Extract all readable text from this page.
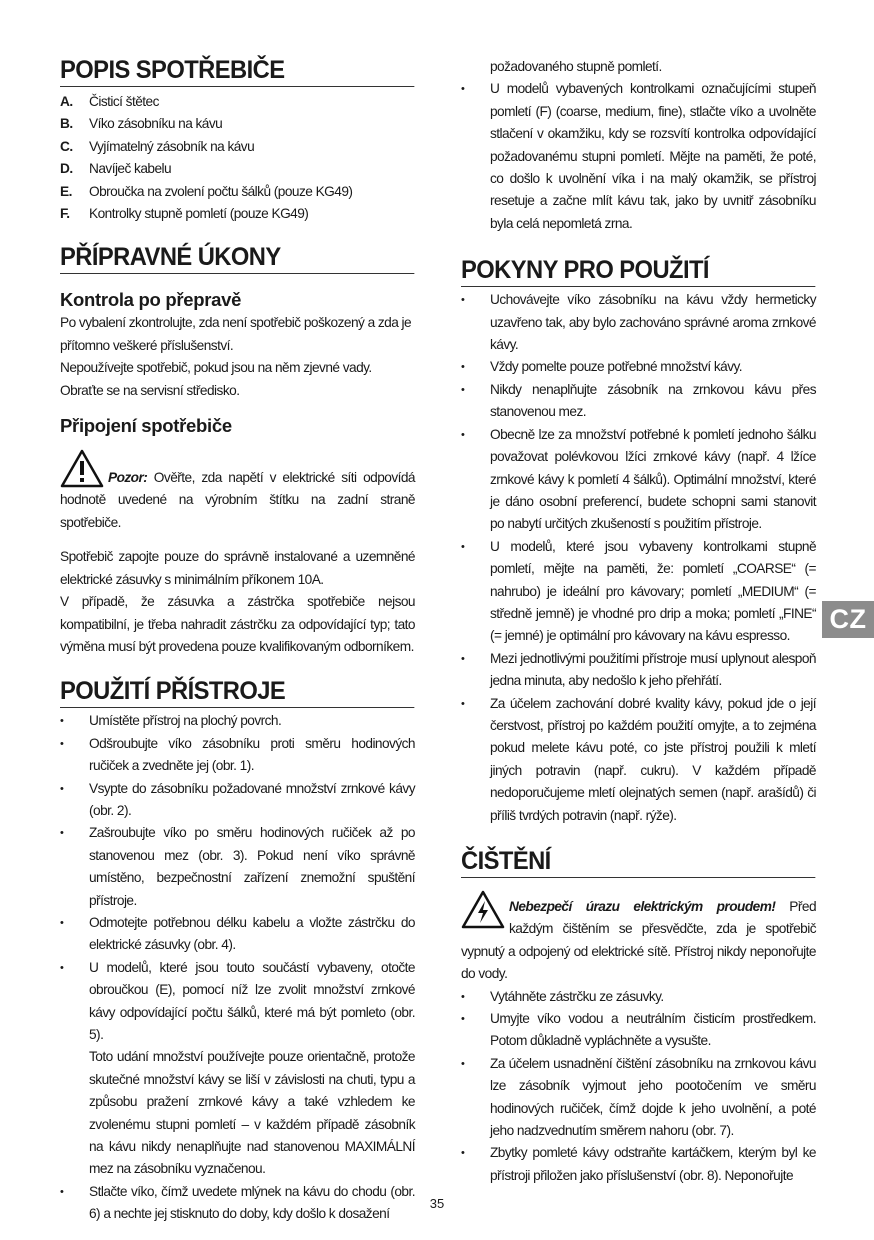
POPIS SPOTŘEBIČE
A.	Čisticí štětec
B.	Víko zásobníku na kávu
C.	Vyjímatelný zásobník na kávu
D.	Navíječ kabelu
E.	Obroučka na zvolení počtu šálků (pouze KG49)
F.	Kontrolky stupně pomletí (pouze KG49)
PŘÍPRAVNÉ ÚKONY
Kontrola po přepravě

Po vybalení zkontrolujte, zda není spotřebič poškozený a zda je přítomno veškeré příslušenství.

Nepoužívejte spotřebič, pokud jsou na něm zjevné vady. Obraťte se na servisní středisko.

Připojení spotřebiče

Pozor: Ověřte, zda napětí v elektrické síti odpovídá hodnotě uvedené na výrobním štítku na zadní straně spotřebiče.

Spotřebič zapojte pouze do správně instalované a uzemněné elektrické zásuvky s minimálním příkonem 10A.

V případě, že zásuvka a zástrčka spotřebiče nejsou kompatibilní, je třeba nahradit zástrčku za odpovídající typ; tato výměna musí být provedena pouze kvalifikovaným odborníkem.

POUŽITÍ PŘÍSTROJE
• Umístěte přístroj na plochý povrch.
• Odšroubujte víko zásobníku proti směru hodinových ručiček a zvedněte jej (obr. 1).
• Vsypte do zásobníku požadované množství zrnkové kávy (obr. 2).
• Zašroubujte víko po směru hodinových ručiček až po stanovenou mez (obr. 3). Pokud není víko správně umístěno, bezpečnostní zařízení znemožní spuštění přístroje.
• Odmotejte potřebnou délku kabelu a vložte zástrčku do elektrické zásuvky (obr. 4).
• U modelů, které jsou touto součástí vybaveny, otočte obroučkou (E), pomocí níž lze zvolit množství zrnkové kávy odpovídající počtu šálků, které má být pomleto (obr. 5).
Toto udání množství používejte pouze orientačně, protože skutečné množství kávy se liší v závislosti na chuti, typu a způsobu pražení zrnkové kávy a také vzhledem ke zvolenému stupni pomletí – v každém případě zásobník na kávu nikdy nenaplňujte nad stanovenou MAXIMÁLNÍ mez na zásobníku vyznačenou.
• Stlačte víko, čímž uvedete mlýnek na kávu do chodu (obr. 6) a nechte jej stisknuto do doby, kdy došlo k dosažení
požadovaného stupně pomletí.
• U modelů vybavených kontrolkami označujícími stupeň pomletí (F) (coarse, medium, fine), stlačte víko a uvolněte stlačení v okamžiku, kdy se rozsvítí kontrolka odpovídající požadovanému stupni pomletí. Mějte na paměti, že poté, co došlo k uvolnění víka i na malý okamžik, se přístroj resetuje a začne mlít kávu tak, jako by uvnitř zásobníku byla celá nepomletá zrna.
POKYNY PRO POUŽITÍ
• Uchovávejte víko zásobníku na kávu vždy hermeticky uzavřeno tak, aby bylo zachováno správné aroma zrnkové kávy.
• Vždy pomelte pouze potřebné množství kávy.
• Nikdy nenaplňujte zásobník na zrnkovou kávu přes stanovenou mez.
• Obecně lze za množství potřebné k pomletí jednoho šálku považovat polévkovou lžíci zrnkové kávy (např. 4 lžíce zrnkové kávy k pomletí 4 šálků). Optimální množství, které je dáno osobní preferencí, budete schopni sami stanovit po nabytí určitých zkušeností s použitím přístroje.
• U modelů, které jsou vybaveny kontrolkami stupně pomletí, mějte na paměti, že: pomletí „COARSE“ (= nahrubo) je ideální pro kávovary; pomletí „MEDIUM“ (= středně jemně) je vhodné pro drip a moka; pomletí „FINE“ (= jemné) je optimální pro kávovary na kávu espresso.
• Mezi jednotlivými použitími přístroje musí uplynout alespoň jedna minuta, aby nedošlo k jeho přehřátí.
• Za účelem zachování dobré kvality kávy, pokud jde o její čerstvost, přístroj po každém použití omyjte, a to zejména pokud melete kávu poté, co jste přístroj použili k mletí jiných potravin (např. cukru). V každém případě nedoporučujeme mletí olejnatých semen (např. arašídů) či příliš tvrdých potravin (např. rýže).
ČIŠTĚNÍ

Nebezpečí úrazu elektrickým proudem! Před každým čištěním se přesvědčte, zda je spotřebič vypnutý a odpojený od elektrické sítě. Přístroj nikdy neponořujte do vody.

• Vytáhněte zástrčku ze zásuvky.
• Umyjte víko vodou a neutrálním čisticím prostředkem. Potom důkladně vypláchněte a vysušte.
• Za účelem usnadnění čištění zásobníku na zrnkovou kávu lze zásobník vyjmout jeho pootočením ve směru hodinových ručiček, čímž dojde k jeho uvolnění, a poté jeho nadzvednutím směrem nahoru (obr. 7).
• Zbytky pomleté kávy odstraňte kartáčkem, kterým byl ke přístroji přiložen jako příslušenství (obr. 8). Neponořujte
CZ
35
